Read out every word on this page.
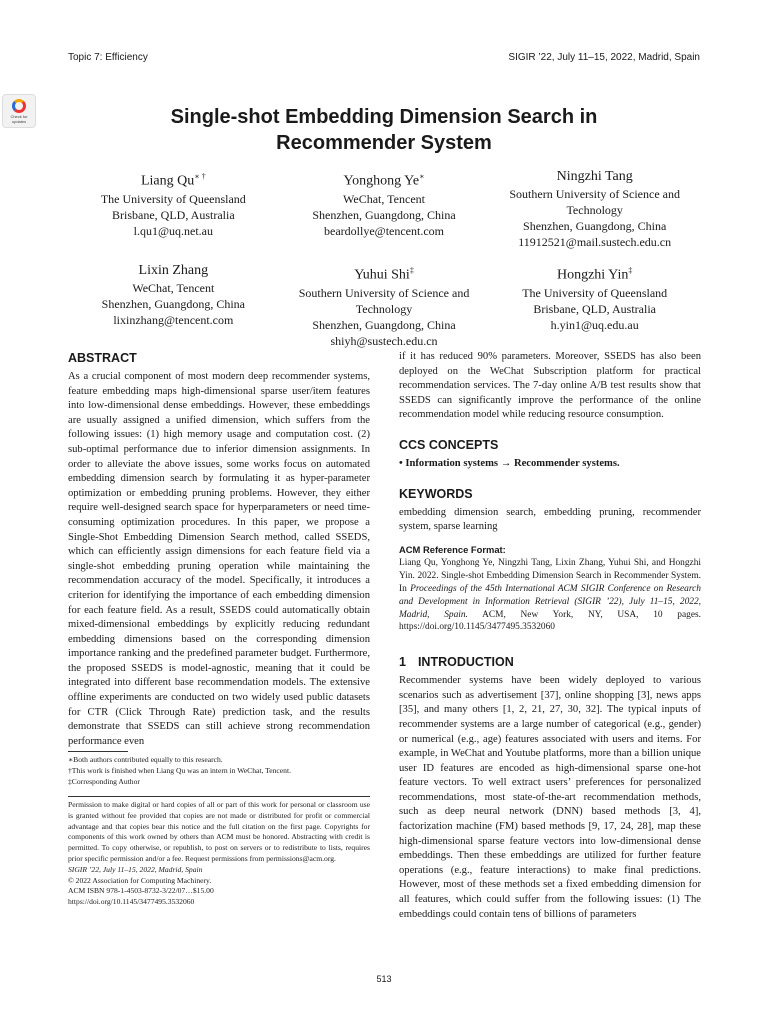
Topic 7: Efficiency	SIGIR ’22, July 11–15, 2022, Madrid, Spain
Check for
updates	Single-shot Embedding Dimension Search in
Recommender System
Liang Qu∗ †
The University of Queensland
Brisbane, QLD, Australia
l.qu1@uq.net.au
Yonghong Ye∗
WeChat, Tencent
Shenzhen, Guangdong, China
beardollye@tencent.com
Ningzhi Tang
Southern University of Science and
Technology
Shenzhen, Guangdong, China
11912521@mail.sustech.edu.cn
Lixin Zhang
WeChat, Tencent
Shenzhen, Guangdong, China
lixinzhang@tencent.com
Yuhui Shi‡
Southern University of Science and
Technology
Shenzhen, Guangdong, China
shiyh@sustech.edu.cn
Hongzhi Yin‡
The University of Queensland
Brisbane, QLD, Australia
h.yin1@uq.edu.au
ABSTRACT

As a crucial component of most modern deep recommender systems, feature embedding maps high-dimensional sparse user/item features into low-dimensional dense embeddings. However, these embeddings are usually assigned a unified dimension, which suffers from the following issues: (1) high memory usage and computation cost. (2) sub-optimal performance due to inferior dimension assignments. In order to alleviate the above issues, some works focus on automated embedding dimension search by formulating it as hyper-parameter optimization or embedding pruning problems. However, they either require well-designed search space for hyperparameters or need time-consuming optimization procedures. In this paper, we propose a Single-Shot Embedding Dimension Search method, called SSEDS, which can efficiently assign dimensions for each feature field via a single-shot embedding pruning operation while maintaining the recommendation accuracy of the model. Specifically, it introduces a criterion for identifying the importance of each embedding dimension for each feature field. As a result, SSEDS could automatically obtain mixed-dimensional embeddings by explicitly reducing redundant embedding dimensions based on the corresponding dimension importance ranking and the predefined parameter budget. Furthermore, the proposed SSEDS is model-agnostic, meaning that it could be integrated into different base recommendation models. The extensive offline experiments are conducted on two widely used public datasets for CTR (Click Through Rate) prediction task, and the results demonstrate that SSEDS can still achieve strong recommendation performance even

∗Both authors contributed equally to this research.
†This work is finished when Liang Qu was an intern in WeChat, Tencent.
‡Corresponding Author
Permission to make digital or hard copies of all or part of this work for personal or classroom use is granted without fee provided that copies are not made or distributed for profit or commercial advantage and that copies bear this notice and the full citation on the first page. Copyrights for components of this work owned by others than ACM must be honored. Abstracting with credit is permitted. To copy otherwise, or republish, to post on servers or to redistribute to lists, requires prior specific permission and/or a fee. Request permissions from permissions@acm.org.
SIGIR ’22, July 11–15, 2022, Madrid, Spain
© 2022 Association for Computing Machinery.
ACM ISBN 978-1-4503-8732-3/22/07…$15.00
https://doi.org/10.1145/3477495.3532060

if it has reduced 90% parameters. Moreover, SSEDS has also been deployed on the WeChat Subscription platform for practical recommendation services. The 7-day online A/B test results show that SSEDS can significantly improve the performance of the online recommendation model while reducing resource consumption.

CCS CONCEPTS

• Information systems → Recommender systems.

KEYWORDS

embedding dimension search, embedding pruning, recommender system, sparse learning

ACM Reference Format:

Liang Qu, Yonghong Ye, Ningzhi Tang, Lixin Zhang, Yuhui Shi, and Hongzhi Yin. 2022. Single-shot Embedding Dimension Search in Recommender System. In Proceedings of the 45th International ACM SIGIR Conference on Research and Development in Information Retrieval (SIGIR ’22), July 11–15, 2022, Madrid, Spain. ACM, New York, NY, USA, 10 pages. https://doi.org/10.1145/3477495.3532060

1 INTRODUCTION

Recommender systems have been widely deployed to various scenarios such as advertisement [37], online shopping [3], news apps [35], and many others [1, 2, 21, 27, 30, 32]. The typical inputs of recommender systems are a large number of categorical (e.g., gender) or numerical (e.g., age) features associated with users and items. For example, in WeChat and Youtube platforms, more than a billion unique user ID features are encoded as high-dimensional sparse one-hot feature vectors. To well extract users’ preferences for personalized recommendations, most state-of-the-art recommendation methods, such as deep neural network (DNN) based methods [3, 4], factorization machine (FM) based methods [9, 17, 24, 28], map these high-dimensional sparse feature vectors into low-dimensional dense embeddings. Then these embeddings are utilized for further feature operations (e.g., feature interactions) to make final predictions. However, most of these methods set a fixed embedding dimension for all features, which could suffer from the following issues: (1) The embeddings could contain tens of billions of parameters

513
